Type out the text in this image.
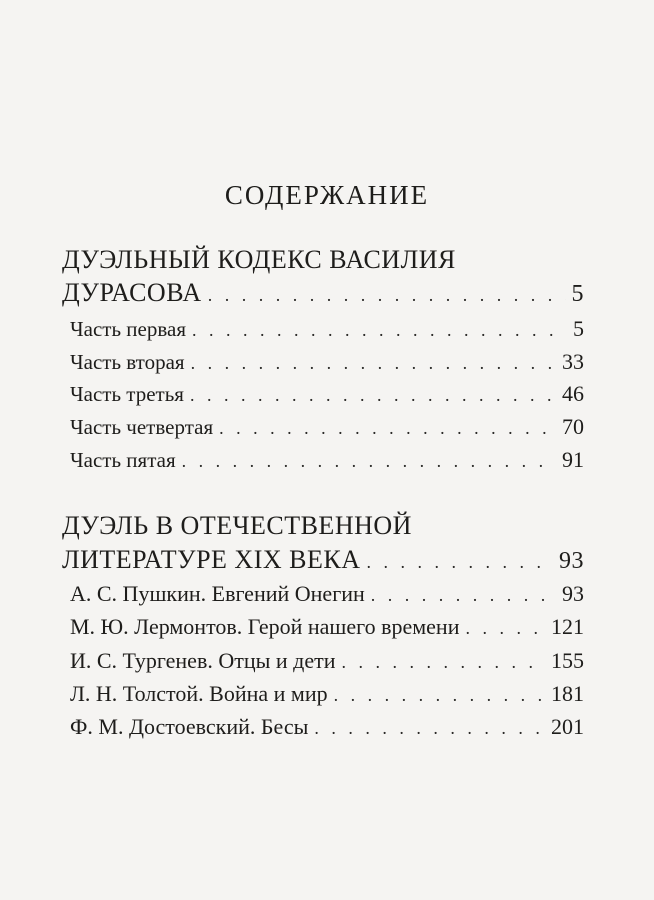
СОДЕРЖАНИЕ
ДУЭЛЬНЫЙ КОДЕКС ВАСИЛИЯ
ДУРАСОВА . . .	5
Часть первая . . .	5
Часть вторая . . .	33
Часть третья . . .	46
Часть четвертая . . .	70
Часть пятая . . .	91
ДУЭЛЬ В ОТЕЧЕСТВЕННОЙ
ЛИТЕРАТУРЕ XIX ВЕКА . . .	93
А. С. Пушкин. Евгений Онегин . . .	93
М. Ю. Лермонтов. Герой нашего времени . . .	121
И. С. Тургенев. Отцы и дети . . .	155
Л. Н. Толстой. Война и мир . . .	181
Ф. М. Достоевский. Бесы . . .	201
